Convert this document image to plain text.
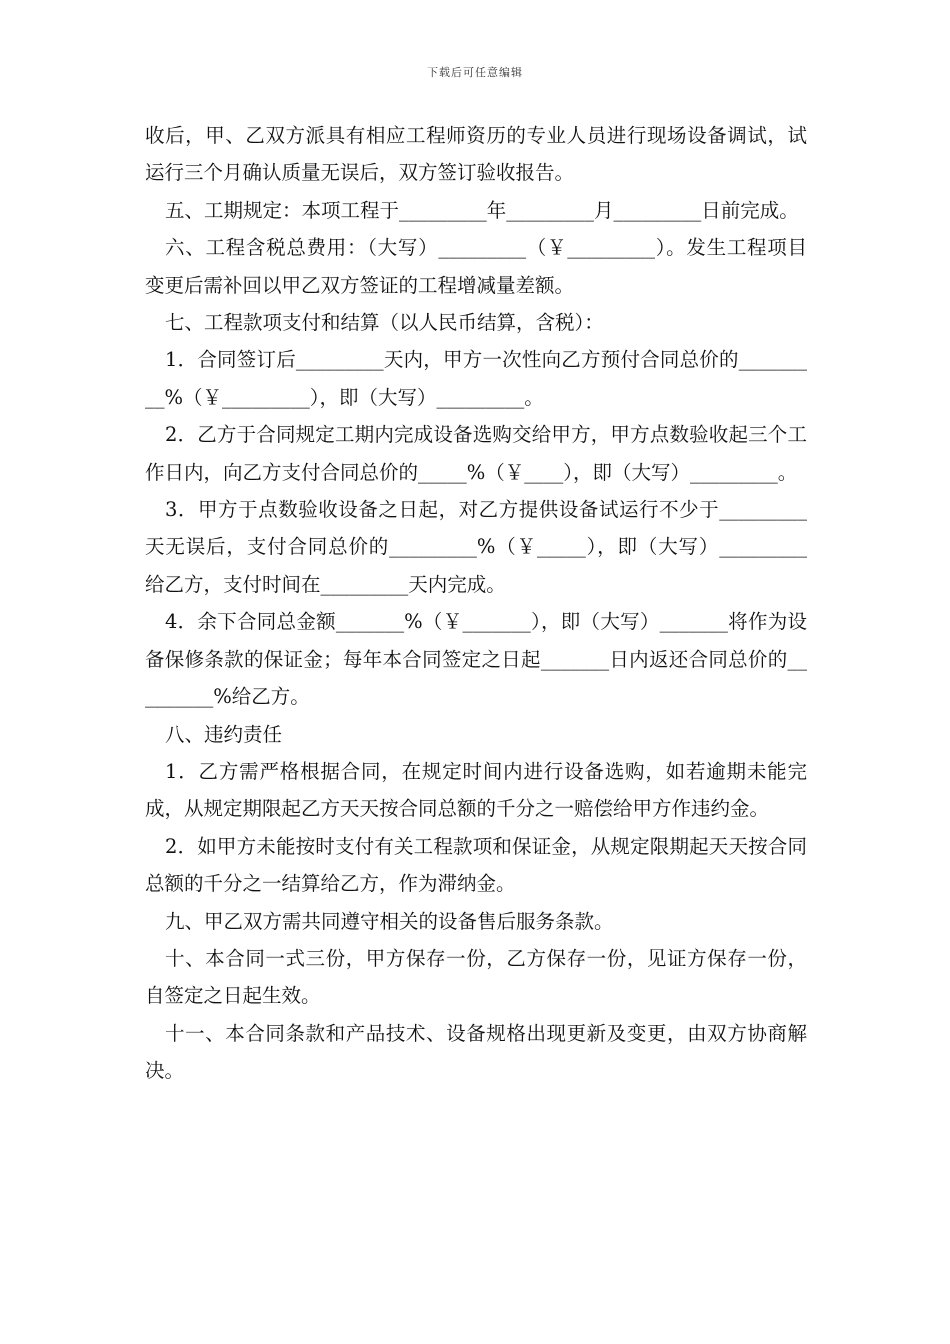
下载后可任意编辑

收后，甲、乙双方派具有相应工程师资历的专业人员进行现场设备调试，试运行三个月确认质量无误后，双方签订验收报告。

五、工期规定：本项工程于_________年_________月_________日前完成。

六、工程含税总费用：（大写）_________（￥_________）。发生工程项目变更后需补回以甲乙双方签证的工程增减量差额。

七、工程款项支付和结算（以人民币结算，含税）：

1．合同签订后_________天内，甲方一次性向乙方预付合同总价的_________%（￥_________），即（大写）_________。

2．乙方于合同规定工期内完成设备选购交给甲方，甲方点数验收起三个工作日内，向乙方支付合同总价的_____%（￥____），即（大写）_________。

3．甲方于点数验收设备之日起，对乙方提供设备试运行不少于_________天无误后，支付合同总价的_________%（￥_____），即（大写）_________给乙方，支付时间在_________天内完成。

4．余下合同总金额_______%（￥_______），即（大写）_______将作为设备保修条款的保证金；每年本合同签定之日起_______日内返还合同总价的_________%给乙方。

八、违约责任

1．乙方需严格根据合同，在规定时间内进行设备选购，如若逾期未能完成，从规定期限起乙方天天按合同总额的千分之一赔偿给甲方作违约金。

2．如甲方未能按时支付有关工程款项和保证金，从规定限期起天天按合同总额的千分之一结算给乙方，作为滞纳金。

九、甲乙双方需共同遵守相关的设备售后服务条款。

十、本合同一式三份，甲方保存一份，乙方保存一份，见证方保存一份，自签定之日起生效。

十一、本合同条款和产品技术、设备规格出现更新及变更，由双方协商解决。
